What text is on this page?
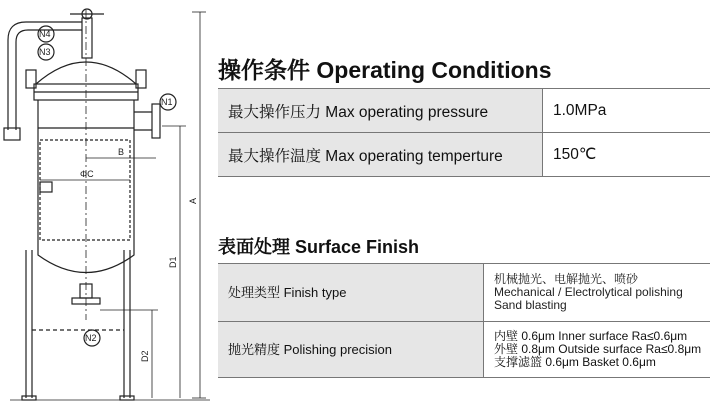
N4
N3
N1
N2
B
ΦC
A
D1
D2
操作条件 Operating Conditions
最大操作压力 Max operating pressure	1.0MPa
最大操作温度 Max operating temperture	150℃
表面处理 Surface Finish
处理类型 Finish type	机械抛光、电解抛光、喷砂
Mechanical / Electrolytical polishing
Sand blasting

抛光精度 Polishing precision	内壁 0.6μm Inner surface Ra≤0.6μm
外壁 0.8μm Outside surface Ra≤0.8μm
支撑滤篮 0.6μm Basket 0.6μm
